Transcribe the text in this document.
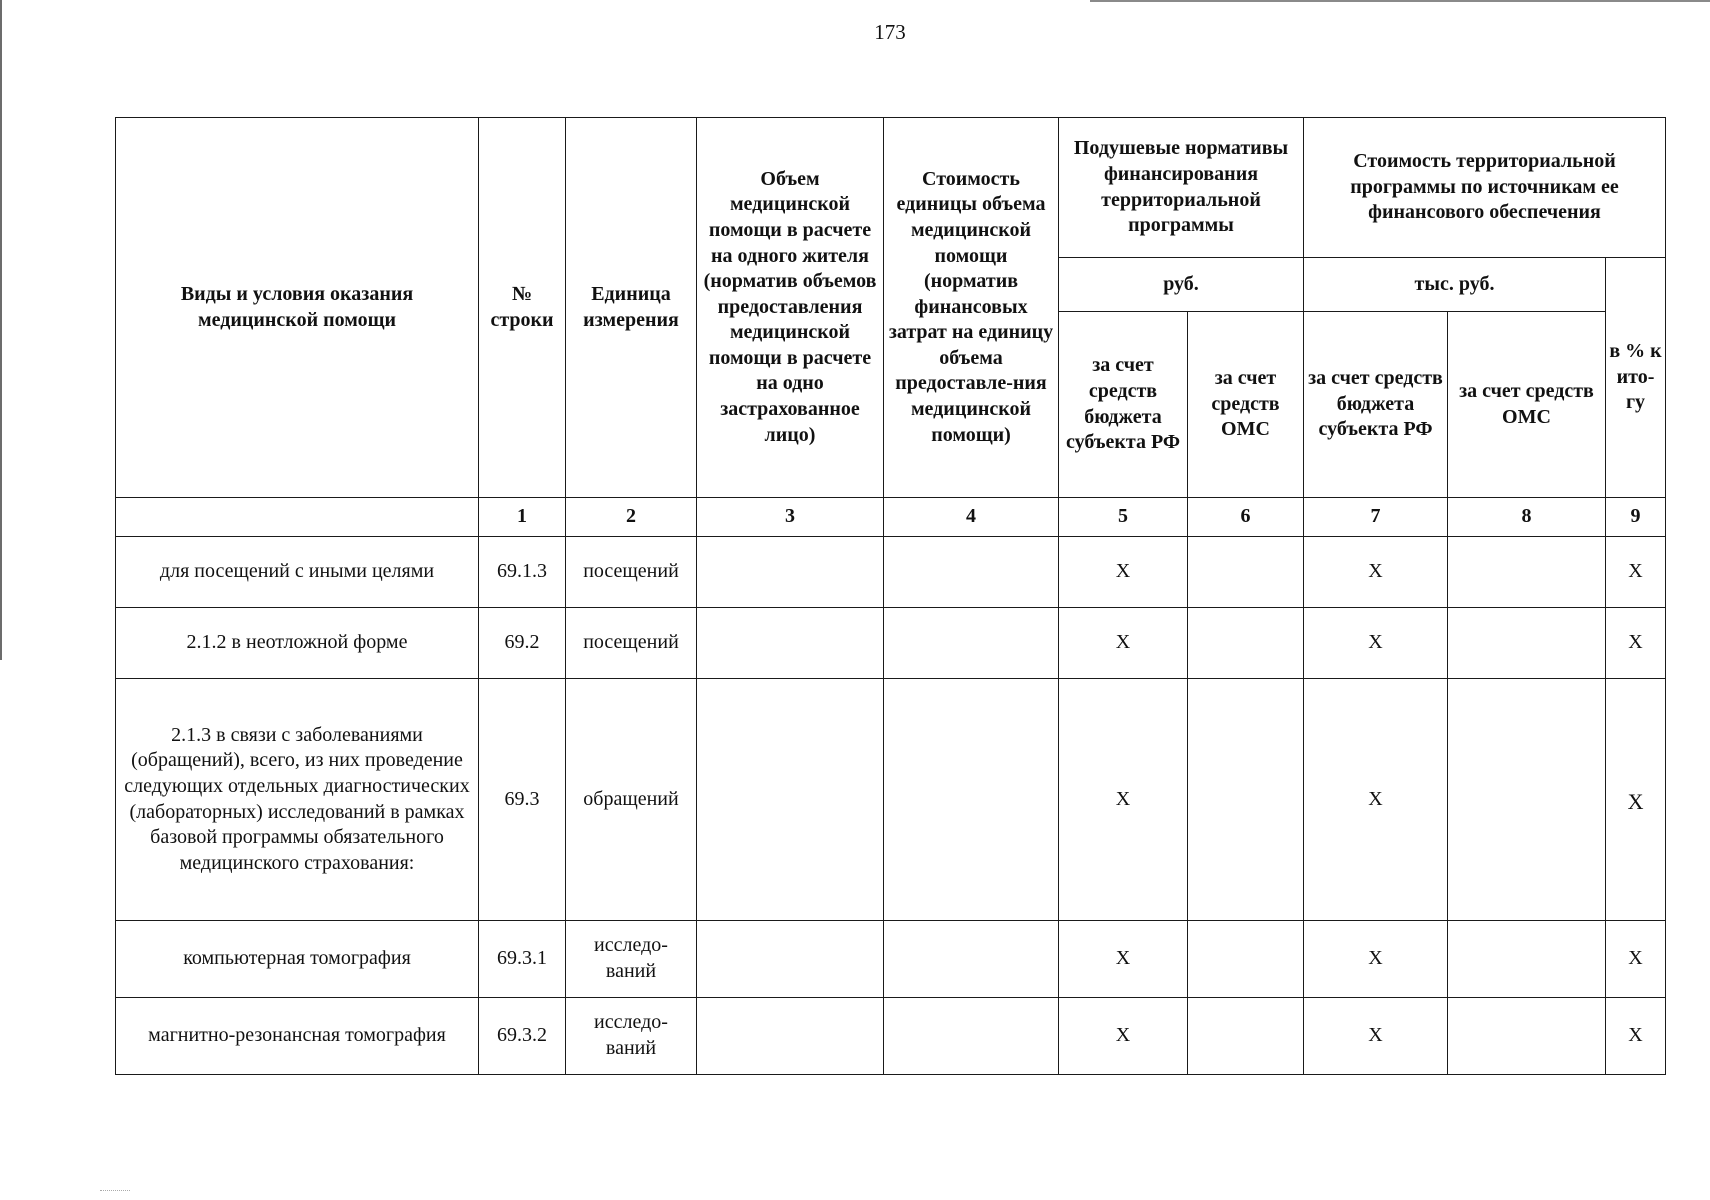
173
Виды и условия оказания медицинской помощи	№ строки	Единица измерения	Объем медицинской помощи в расчете на одного жителя (норматив объемов предоставления медицинской помощи в расчете на одно застрахованное лицо)	Стоимость единицы объема медицинской помощи (норматив финансовых затрат на единицу объема предоставле-ния медицинской помощи)	Подушевые нормативы финансирования территориальной программы		Стоимость территориальной программы по источникам ее финансового обеспечения		
					руб.		тыс. руб.		в % к ито-гу
					за счет средств бюджета субъекта РФ	за счет средств ОМС	за счет средств бюджета субъекта РФ	за счет средств ОМС	
	1	2	3	4	5	6	7	8	9
для посещений с иными целями	69.1.3	посещений			X		X		X
2.1.2 в неотложной форме	69.2	посещений			X		X		X
2.1.3 в связи с заболеваниями (обращений), всего, из них проведение следующих отдельных диагностических (лабораторных) исследований в рамках базовой программы обязательного медицинского страхования:	69.3	обращений			X		X		X
компьютерная томография	69.3.1	исследо-ваний			X		X		X
магнитно-резонансная томография	69.3.2	исследо-ваний			X		X		X
